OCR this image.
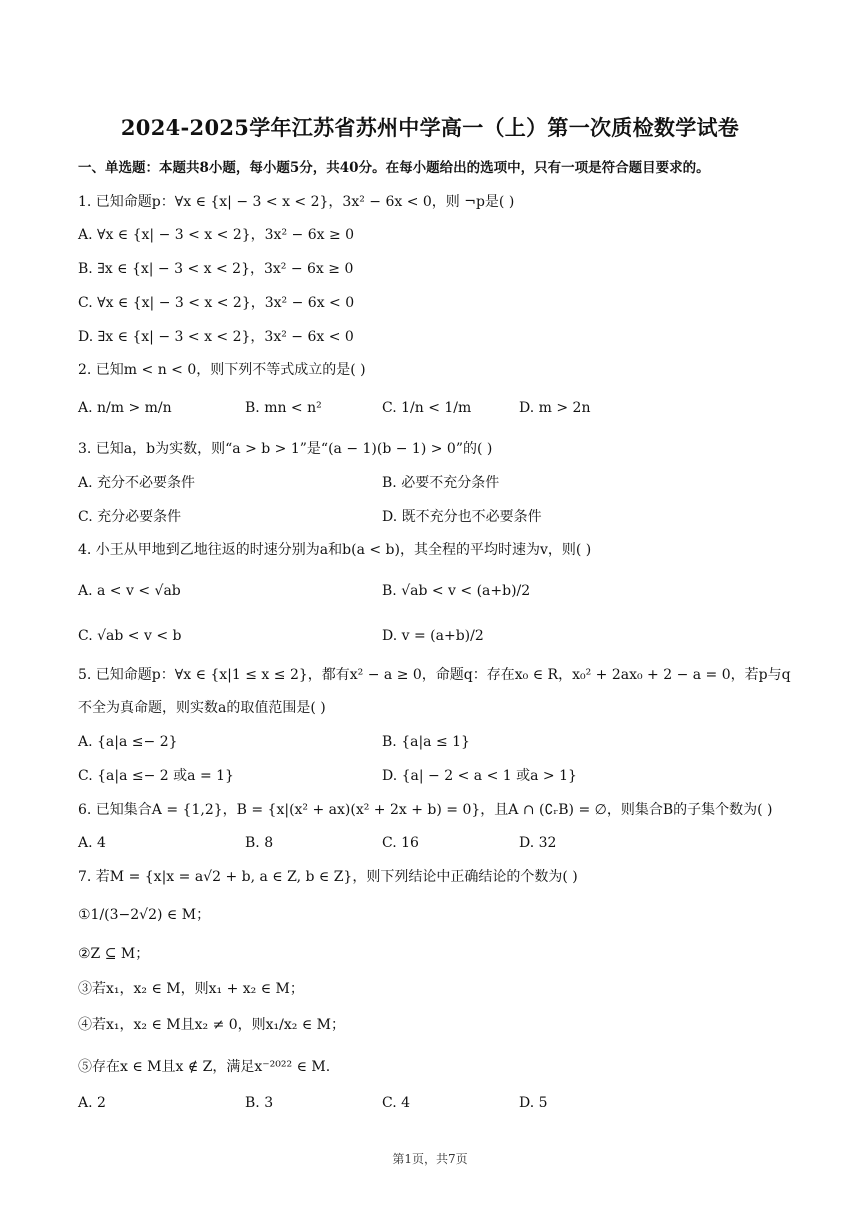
2024-2025学年江苏省苏州中学高一（上）第一次质检数学试卷
一、单选题：本题共8小题，每小题5分，共40分。在每小题给出的选项中，只有一项是符合题目要求的。
1. 已知命题p：∀x ∈ {x| − 3 < x < 2}，3x² − 6x < 0，则 ¬p是( )
A. ∀x ∈ {x| − 3 < x < 2}，3x² − 6x ≥ 0
B. ∃x ∈ {x| − 3 < x < 2}，3x² − 6x ≥ 0
C. ∀x ∈ {x| − 3 < x < 2}，3x² − 6x < 0
D. ∃x ∈ {x| − 3 < x < 2}，3x² − 6x < 0
2. 已知m < n < 0，则下列不等式成立的是( )
A. n/m > m/n	B. mn < n²	C. 1/n < 1/m	D. m > 2n
3. 已知a，b为实数，则“a > b > 1”是“(a − 1)(b − 1) > 0”的( )
A. 充分不必要条件	B. 必要不充分条件
C. 充分必要条件	D. 既不充分也不必要条件
4. 小王从甲地到乙地往返的时速分别为a和b(a < b)，其全程的平均时速为v，则( )
A. a < v < √ab	B. √ab < v < (a+b)/2
C. √ab < v < b	D. v = (a+b)/2
5. 已知命题p：∀x ∈ {x|1 ≤ x ≤ 2}，都有x² − a ≥ 0，命题q：存在x₀ ∈ R，x₀² + 2ax₀ + 2 − a = 0，若p与q
不全为真命题，则实数a的取值范围是( )
A. {a|a ≤− 2}	B. {a|a ≤ 1}
C. {a|a ≤− 2 或a = 1}	D. {a| − 2 < a < 1 或a > 1}
6. 已知集合A = {1,2}，B = {x|(x² + ax)(x² + 2x + b) = 0}，且A ∩ (∁ᵣB) = ∅，则集合B的子集个数为( )
A. 4	B. 8	C. 16	D. 32
7. 若M = {x|x = a√2 + b, a ∈ Z, b ∈ Z}，则下列结论中正确结论的个数为( )
①1/(3−2√2) ∈ M；
②Z ⊆ M；
③若x₁，x₂ ∈ M，则x₁ + x₂ ∈ M；
④若x₁，x₂ ∈ M且x₂ ≠ 0，则x₁/x₂ ∈ M；
⑤存在x ∈ M且x ∉ Z，满足x⁻²⁰²² ∈ M.
A. 2	B. 3	C. 4	D. 5
第1页，共7页
